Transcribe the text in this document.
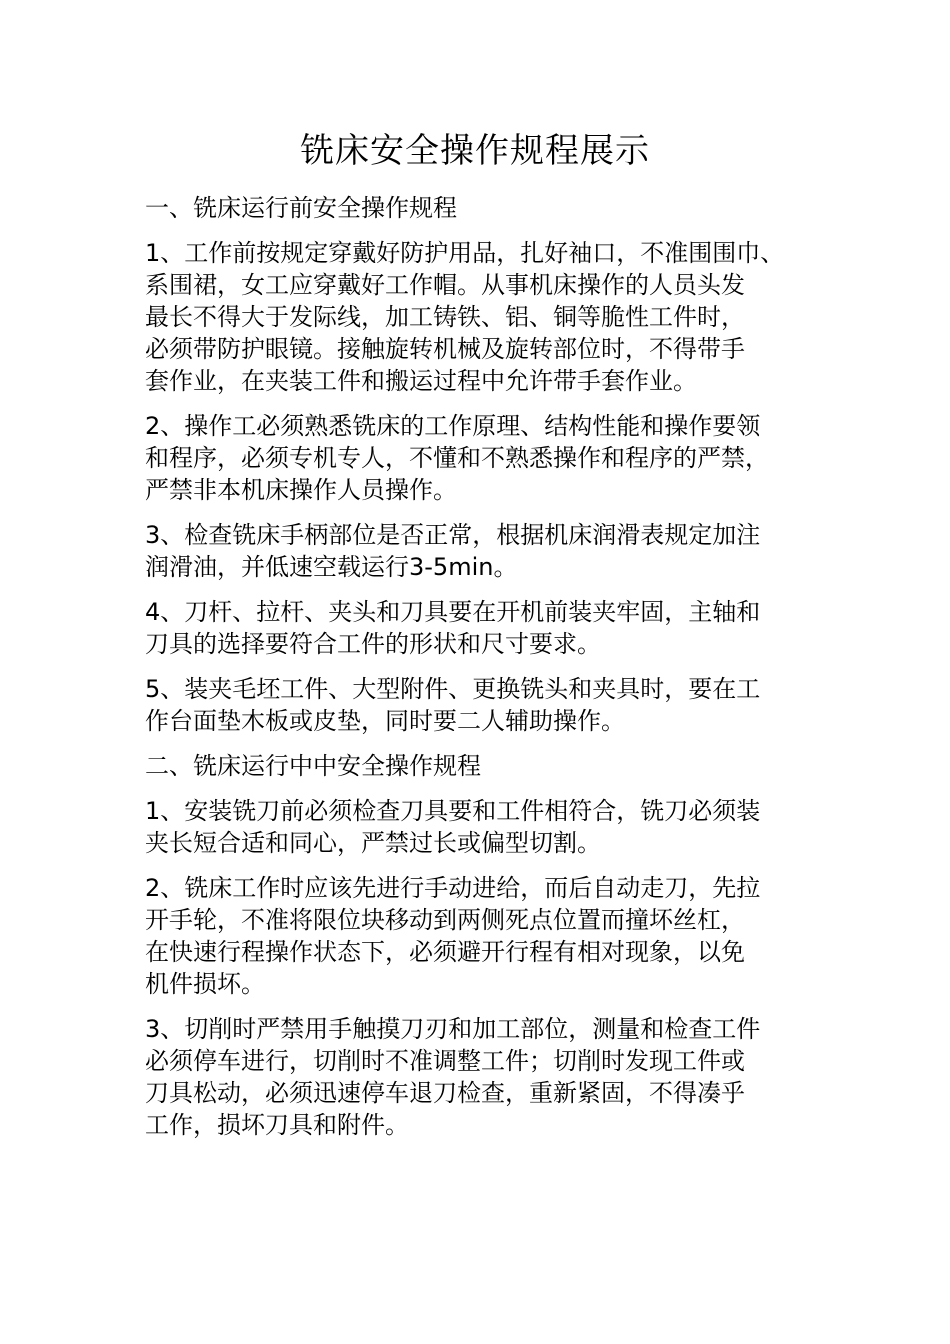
铣床安全操作规程展示
一、铣床运行前安全操作规程
1、工作前按规定穿戴好防护用品，扎好袖口，不准围围巾、
系围裙，女工应穿戴好工作帽。从事机床操作的人员头发
最长不得大于发际线，加工铸铁、铝、铜等脆性工件时，
必须带防护眼镜。接触旋转机械及旋转部位时，不得带手
套作业，在夹装工件和搬运过程中允许带手套作业。
2、操作工必须熟悉铣床的工作原理、结构性能和操作要领
和程序，必须专机专人，不懂和不熟悉操作和程序的严禁，
严禁非本机床操作人员操作。
3、检查铣床手柄部位是否正常，根据机床润滑表规定加注
润滑油，并低速空载运行3-5min。
4、刀杆、拉杆、夹头和刀具要在开机前装夹牢固，主轴和
刀具的选择要符合工件的形状和尺寸要求。
5、装夹毛坯工件、大型附件、更换铣头和夹具时，要在工
作台面垫木板或皮垫，同时要二人辅助操作。
二、铣床运行中中安全操作规程
1、安装铣刀前必须检查刀具要和工件相符合，铣刀必须装
夹长短合适和同心，严禁过长或偏型切割。
2、铣床工作时应该先进行手动进给，而后自动走刀，先拉
开手轮，不准将限位块移动到两侧死点位置而撞坏丝杠，
在快速行程操作状态下，必须避开行程有相对现象，以免
机件损坏。
3、切削时严禁用手触摸刀刃和加工部位，测量和检查工件
必须停车进行，切削时不准调整工件；切削时发现工件或
刀具松动，必须迅速停车退刀检查，重新紧固，不得凑乎
工作，损坏刀具和附件。
